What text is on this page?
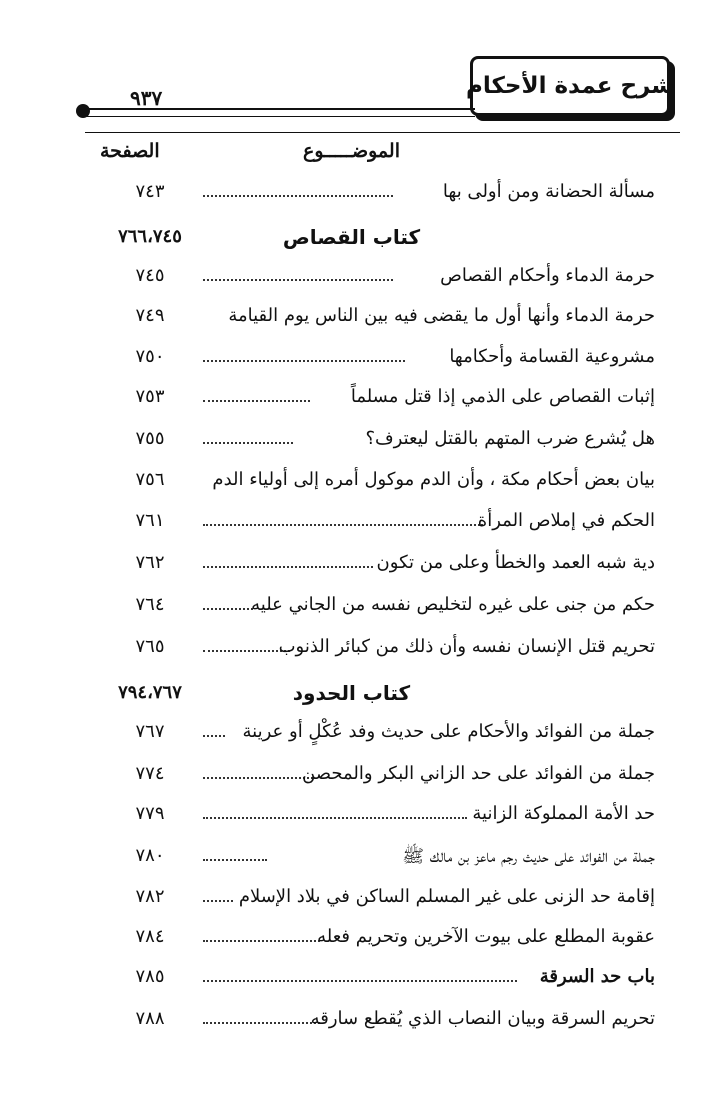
شرح عمدة الأحكام
٩٣٧
الموضـــــوع
الصفحة
٧٤٣	مسألة الحضانة ومن أولى بها
٧٦٦،٧٤٥	كتاب القصاص
٧٤٥	حرمة الدماء وأحكام القصاص
٧٤٩	حرمة الدماء وأنها أول ما يقضى فيه بين الناس يوم القيامة
٧٥٠	مشروعية القسامة وأحكامها
٧٥٣	إثبات القصاص على الذمي إذا قتل مسلماً
٧٥٥	هل يُشرع ضرب المتهم بالقتل ليعترف؟
٧٥٦	بيان بعض أحكام مكة ، وأن الدم موكول أمره إلى أولياء الدم
٧٦١	الحكم في إملاص المرأة
٧٦٢	دية شبه العمد والخطأ وعلى من تكون
٧٦٤	حكم من جنى على غيره لتخليص نفسه من الجاني عليه
٧٦٥	تحريم قتل الإنسان نفسه وأن ذلك من كبائر الذنوب
٧٩٤،٧٦٧	كتاب الحدود
٧٦٧	جملة من الفوائد والأحكام على حديث وفد عُكْلٍ أو عرينة
٧٧٤	جملة من الفوائد على حد الزاني البكر والمحصن
٧٧٩	حد الأمة المملوكة الزانية
٧٨٠	جملة من الفوائد على حديث رجم ماعز بن مالك ﷺ
٧٨٢	إقامة حد الزنى على غير المسلم الساكن في بلاد الإسلام
٧٨٤	عقوبة المطلع على بيوت الآخرين وتحريم فعله
٧٨٥	باب حد السرقة
٧٨٨	تحريم السرقة وبيان النصاب الذي يُقطع سارقه
